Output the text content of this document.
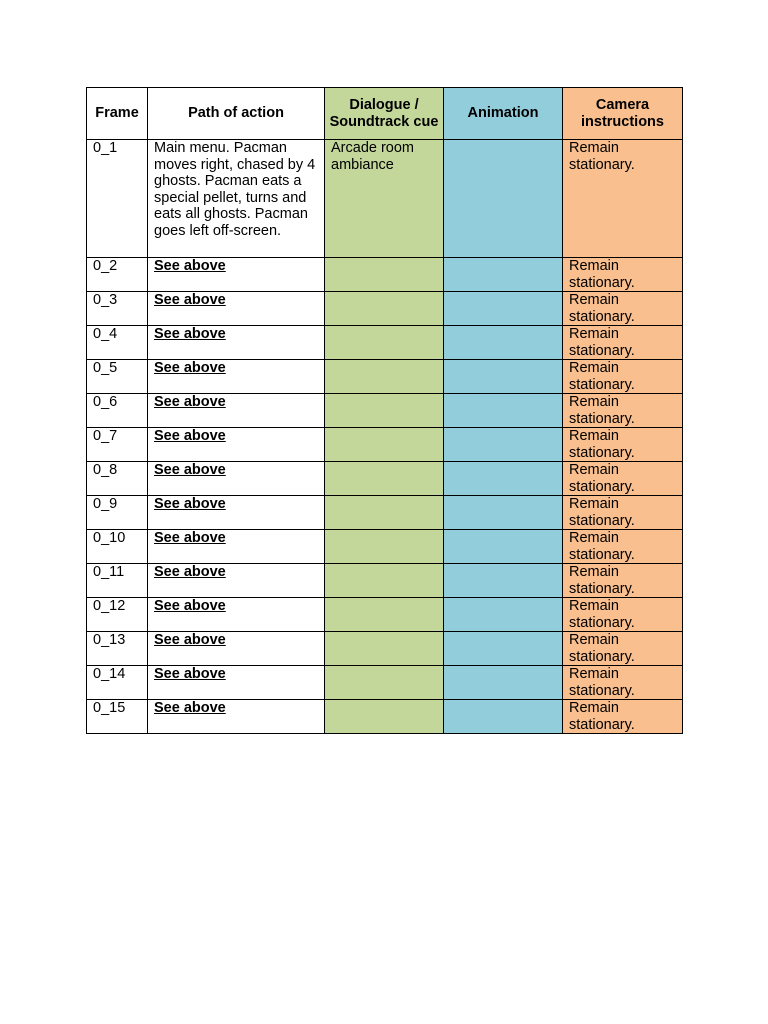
Frame	Path of action	Dialogue / Soundtrack cue	Animation	Camera instructions
0_1	Main menu. Pacman moves right, chased by 4 ghosts. Pacman eats a special pellet, turns and eats all ghosts. Pacman goes left off-screen.	Arcade room ambiance		Remain stationary.
0_2	See above			Remain stationary.
0_3	See above			Remain stationary.
0_4	See above			Remain stationary.
0_5	See above			Remain stationary.
0_6	See above			Remain stationary.
0_7	See above			Remain stationary.
0_8	See above			Remain stationary.
0_9	See above			Remain stationary.
0_10	See above			Remain stationary.
0_11	See above			Remain stationary.
0_12	See above			Remain stationary.
0_13	See above			Remain stationary.
0_14	See above			Remain stationary.
0_15	See above			Remain stationary.
